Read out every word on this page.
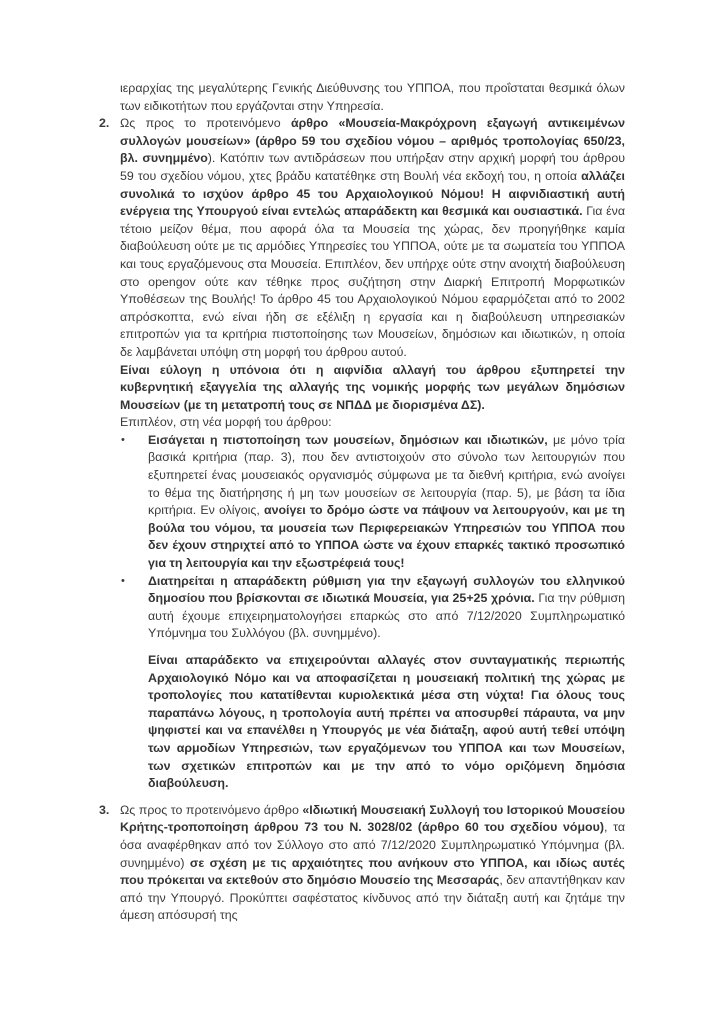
ιεραρχίας της μεγαλύτερης Γενικής Διεύθυνσης του ΥΠΠΟΑ, που προΐσταται θεσμικά όλων των ειδικοτήτων που εργάζονται στην Υπηρεσία.
2. Ως προς το προτεινόμενο άρθρο «Μουσεία-Μακρόχρονη εξαγωγή αντικειμένων συλλογών μουσείων» (άρθρο 59 του σχεδίου νόμου – αριθμός τροπολογίας 650/23, βλ. συνημμένο). Κατόπιν των αντιδράσεων που υπήρξαν στην αρχική μορφή του άρθρου 59 του σχεδίου νόμου, χτες βράδυ κατατέθηκε στη Βουλή νέα εκδοχή του, η οποία αλλάζει συνολικά το ισχύον άρθρο 45 του Αρχαιολογικού Νόμου! Η αιφνιδιαστική αυτή ενέργεια της Υπουργού είναι εντελώς απαράδεκτη και θεσμικά και ουσιαστικά. Για ένα τέτοιο μείζον θέμα, που αφορά όλα τα Μουσεία της χώρας, δεν προηγήθηκε καμία διαβούλευση ούτε με τις αρμόδιες Υπηρεσίες του ΥΠΠΟΑ, ούτε με τα σωματεία του ΥΠΠΟΑ και τους εργαζόμενους στα Μουσεία. Επιπλέον, δεν υπήρχε ούτε στην ανοιχτή διαβούλευση στο opengov ούτε καν τέθηκε προς συζήτηση στην Διαρκή Επιτροπή Μορφωτικών Υποθέσεων της Βουλής! Το άρθρο 45 του Αρχαιολογικού Νόμου εφαρμόζεται από το 2002 απρόσκοπτα, ενώ είναι ήδη σε εξέλιξη η εργασία και η διαβούλευση υπηρεσιακών επιτροπών για τα κριτήρια πιστοποίησης των Μουσείων, δημόσιων και ιδιωτικών, η οποία δε λαμβάνεται υπόψη στη μορφή του άρθρου αυτού.
Είναι εύλογη η υπόνοια ότι η αιφνίδια αλλαγή του άρθρου εξυπηρετεί την κυβερνητική εξαγγελία της αλλαγής της νομικής μορφής των μεγάλων δημόσιων Μουσείων (με τη μετατροπή τους σε ΝΠΔΔ με διορισμένα ΔΣ).
Επιπλέον, στη νέα μορφή του άρθρου:
• Εισάγεται η πιστοποίηση των μουσείων, δημόσιων και ιδιωτικών, με μόνο τρία βασικά κριτήρια (παρ. 3), που δεν αντιστοιχούν στο σύνολο των λειτουργιών που εξυπηρετεί ένας μουσειακός οργανισμός σύμφωνα με τα διεθνή κριτήρια, ενώ ανοίγει το θέμα της διατήρησης ή μη των μουσείων σε λειτουργία (παρ. 5), με βάση τα ίδια κριτήρια. Εν ολίγοις, ανοίγει το δρόμο ώστε να πάψουν να λειτουργούν, και με τη βούλα του νόμου, τα μουσεία των Περιφερειακών Υπηρεσιών του ΥΠΠΟΑ που δεν έχουν στηριχτεί από το ΥΠΠΟΑ ώστε να έχουν επαρκές τακτικό προσωπικό για τη λειτουργία και την εξωστρέφειά τους!
• Διατηρείται η απαράδεκτη ρύθμιση για την εξαγωγή συλλογών του ελληνικού δημοσίου που βρίσκονται σε ιδιωτικά Μουσεία, για 25+25 χρόνια. Για την ρύθμιση αυτή έχουμε επιχειρηματολογήσει επαρκώς στο από 7/12/2020 Συμπληρωματικό Υπόμνημα του Συλλόγου (βλ. συνημμένο).
Είναι απαράδεκτο να επιχειρούνται αλλαγές στον συνταγματικής περιωπής Αρχαιολογικό Νόμο και να αποφασίζεται η μουσειακή πολιτική της χώρας με τροπολογίες που κατατίθενται κυριολεκτικά μέσα στη νύχτα! Για όλους τους παραπάνω λόγους, η τροπολογία αυτή πρέπει να αποσυρθεί πάραυτα, να μην ψηφιστεί και να επανέλθει η Υπουργός με νέα διάταξη, αφού αυτή τεθεί υπόψη των αρμοδίων Υπηρεσιών, των εργαζόμενων του ΥΠΠΟΑ και των Μουσείων, των σχετικών επιτροπών και με την από το νόμο οριζόμενη δημόσια διαβούλευση.
3. Ως προς το προτεινόμενο άρθρο «Ιδιωτική Μουσειακή Συλλογή του Ιστορικού Μουσείου Κρήτης-τροποποίηση άρθρου 73 του Ν. 3028/02 (άρθρο 60 του σχεδίου νόμου), τα όσα αναφέρθηκαν από τον Σύλλογο στο από 7/12/2020 Συμπληρωματικό Υπόμνημα (βλ. συνημμένο) σε σχέση με τις αρχαιότητες που ανήκουν στο ΥΠΠΟΑ, και ιδίως αυτές που πρόκειται να εκτεθούν στο δημόσιο Μουσείο της Μεσσαράς, δεν απαντήθηκαν καν από την Υπουργό. Προκύπτει σαφέστατος κίνδυνος από την διάταξη αυτή και ζητάμε την άμεση απόσυρσή της
